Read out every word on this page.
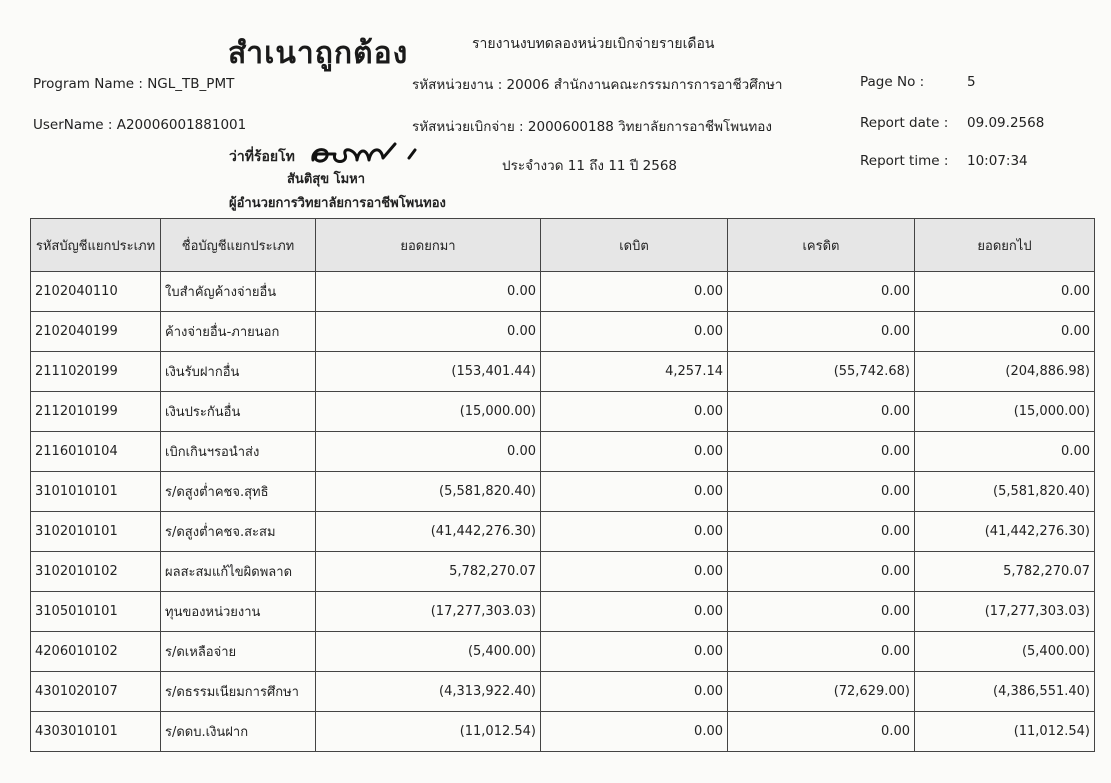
สำเนาถูกต้อง	รายงานงบทดลองหน่วยเบิกจ่ายรายเดือน
Program Name : NGL_TB_PMT
UserName : A20006001881001
รหัสหน่วยงาน : 20006 สำนักงานคณะกรรมการการอาชีวศึกษา
รหัสหน่วยเบิกจ่าย : 2000600188 วิทยาลัยการอาชีพโพนทอง
ประจำงวด 11 ถึง 11 ปี 2568
Page No :	5
Report date : 09.09.2568
Report time : 10:07:34
ว่าที่ร้อยโท
สันติสุข โมหา
ผู้อำนวยการวิทยาลัยการอาชีพโพนทอง
รหัสบัญชีแยกประเภท	ชื่อบัญชีแยกประเภท	ยอดยกมา	เดบิต	เครดิต	ยอดยกไป
2102040110	ใบสำคัญค้างจ่ายอื่น	0.00	0.00	0.00	0.00
2102040199	ค้างจ่ายอื่น-ภายนอก	0.00	0.00	0.00	0.00
2111020199	เงินรับฝากอื่น	(153,401.44)	4,257.14	(55,742.68)	(204,886.98)
2112010199	เงินประกันอื่น	(15,000.00)	0.00	0.00	(15,000.00)
2116010104	เบิกเกินฯรอนำส่ง	0.00	0.00	0.00	0.00
3101010101	ร/ดสูงต่ำคชจ.สุทธิ	(5,581,820.40)	0.00	0.00	(5,581,820.40)
3102010101	ร/ดสูงต่ำคชจ.สะสม	(41,442,276.30)	0.00	0.00	(41,442,276.30)
3102010102	ผลสะสมแก้ไขผิดพลาด	5,782,270.07	0.00	0.00	5,782,270.07
3105010101	ทุนของหน่วยงาน	(17,277,303.03)	0.00	0.00	(17,277,303.03)
4206010102	ร/ดเหลือจ่าย	(5,400.00)	0.00	0.00	(5,400.00)
4301020107	ร/ดธรรมเนียมการศึกษา	(4,313,922.40)	0.00	(72,629.00)	(4,386,551.40)
4303010101	ร/ดดบ.เงินฝาก	(11,012.54)	0.00	0.00	(11,012.54)
